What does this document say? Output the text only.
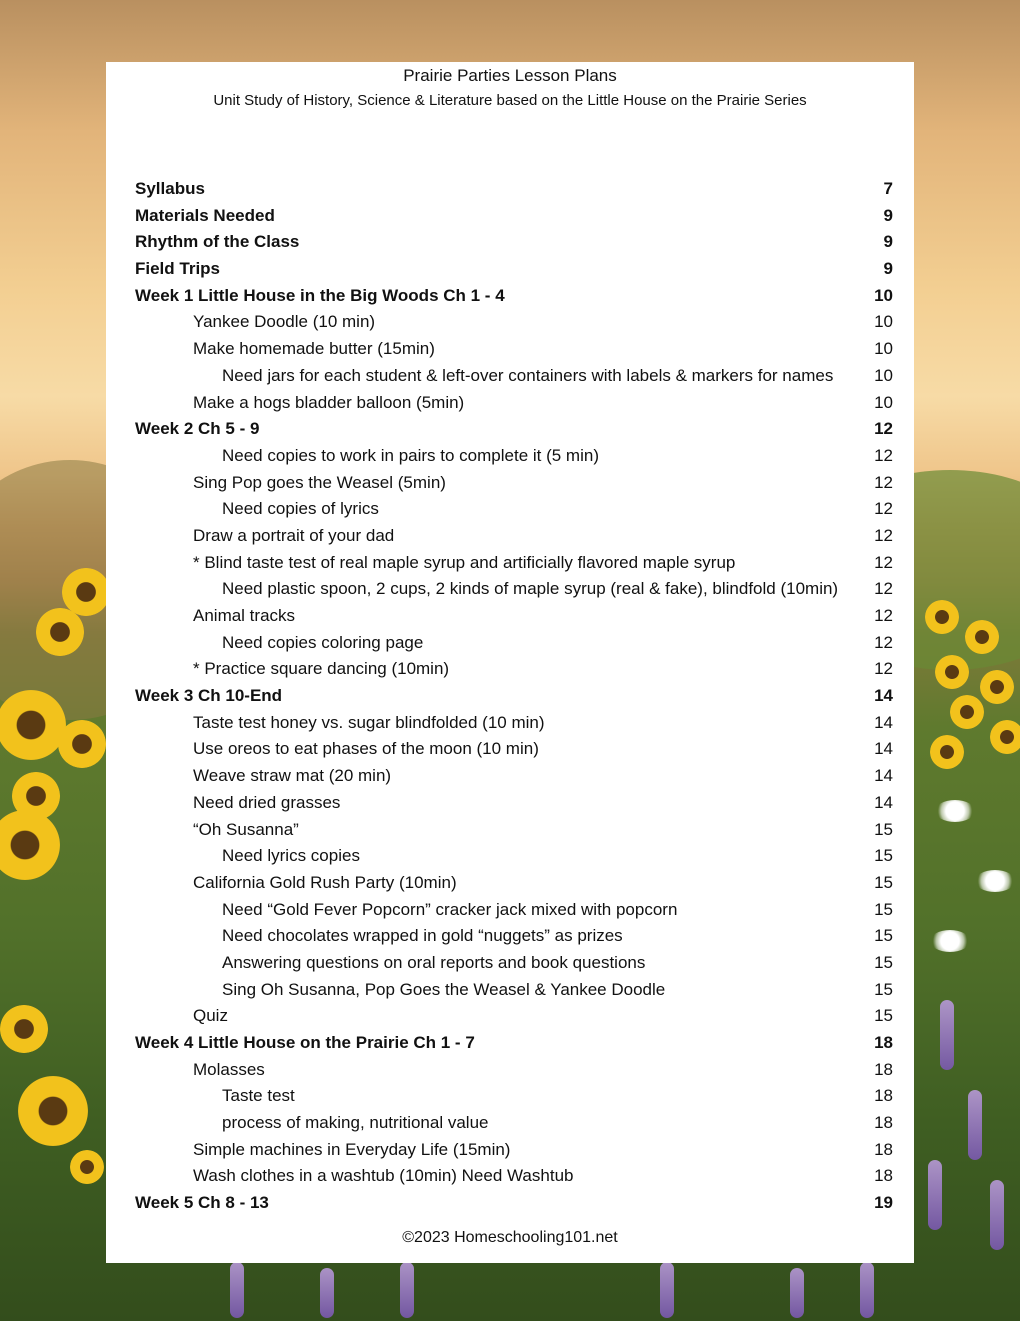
Prairie Parties Lesson Plans
Unit Study of History, Science & Literature based on the Little House on the Prairie Series
Syllabus	7
Materials Needed	9
Rhythm of the Class	9
Field Trips	9
Week 1 Little House in the Big Woods Ch 1 - 4	10
Yankee Doodle (10 min)	10
Make homemade butter (15min)	10
Need jars for each student & left-over containers with labels & markers for names 10
Make a hogs bladder balloon (5min)	10
Week 2 Ch 5 - 9	12
Need copies to work in pairs to complete it (5 min)	12
Sing Pop goes the Weasel (5min)	12
Need copies of lyrics	12
Draw a portrait of your dad	12
* Blind taste test of real maple syrup and artificially flavored maple syrup	12
Need plastic spoon, 2 cups, 2 kinds of maple syrup (real & fake), blindfold (10min) 12
Animal tracks	12
Need copies coloring page	12
* Practice square dancing (10min)	12
Week 3 Ch 10-End	14
Taste test honey vs. sugar blindfolded (10 min)	14
Use oreos to eat phases of the moon (10 min)	14
Weave straw mat (20 min)	14
Need dried grasses	14
“Oh Susanna”	15
Need lyrics copies	15
California Gold Rush Party (10min)	15
Need “Gold Fever Popcorn” cracker jack mixed with popcorn	15
Need chocolates wrapped in gold “nuggets” as prizes	15
Answering questions on oral reports and book questions	15
Sing Oh Susanna, Pop Goes the Weasel & Yankee Doodle	15
Quiz	15
Week 4 Little House on the Prairie Ch 1 - 7	18
Molasses	18
Taste test	18
process of making, nutritional value	18
Simple machines in Everyday Life (15min)	18
Wash clothes in a washtub (10min) Need Washtub	18
Week 5 Ch 8 - 13	19
©2023 Homeschooling101.net
